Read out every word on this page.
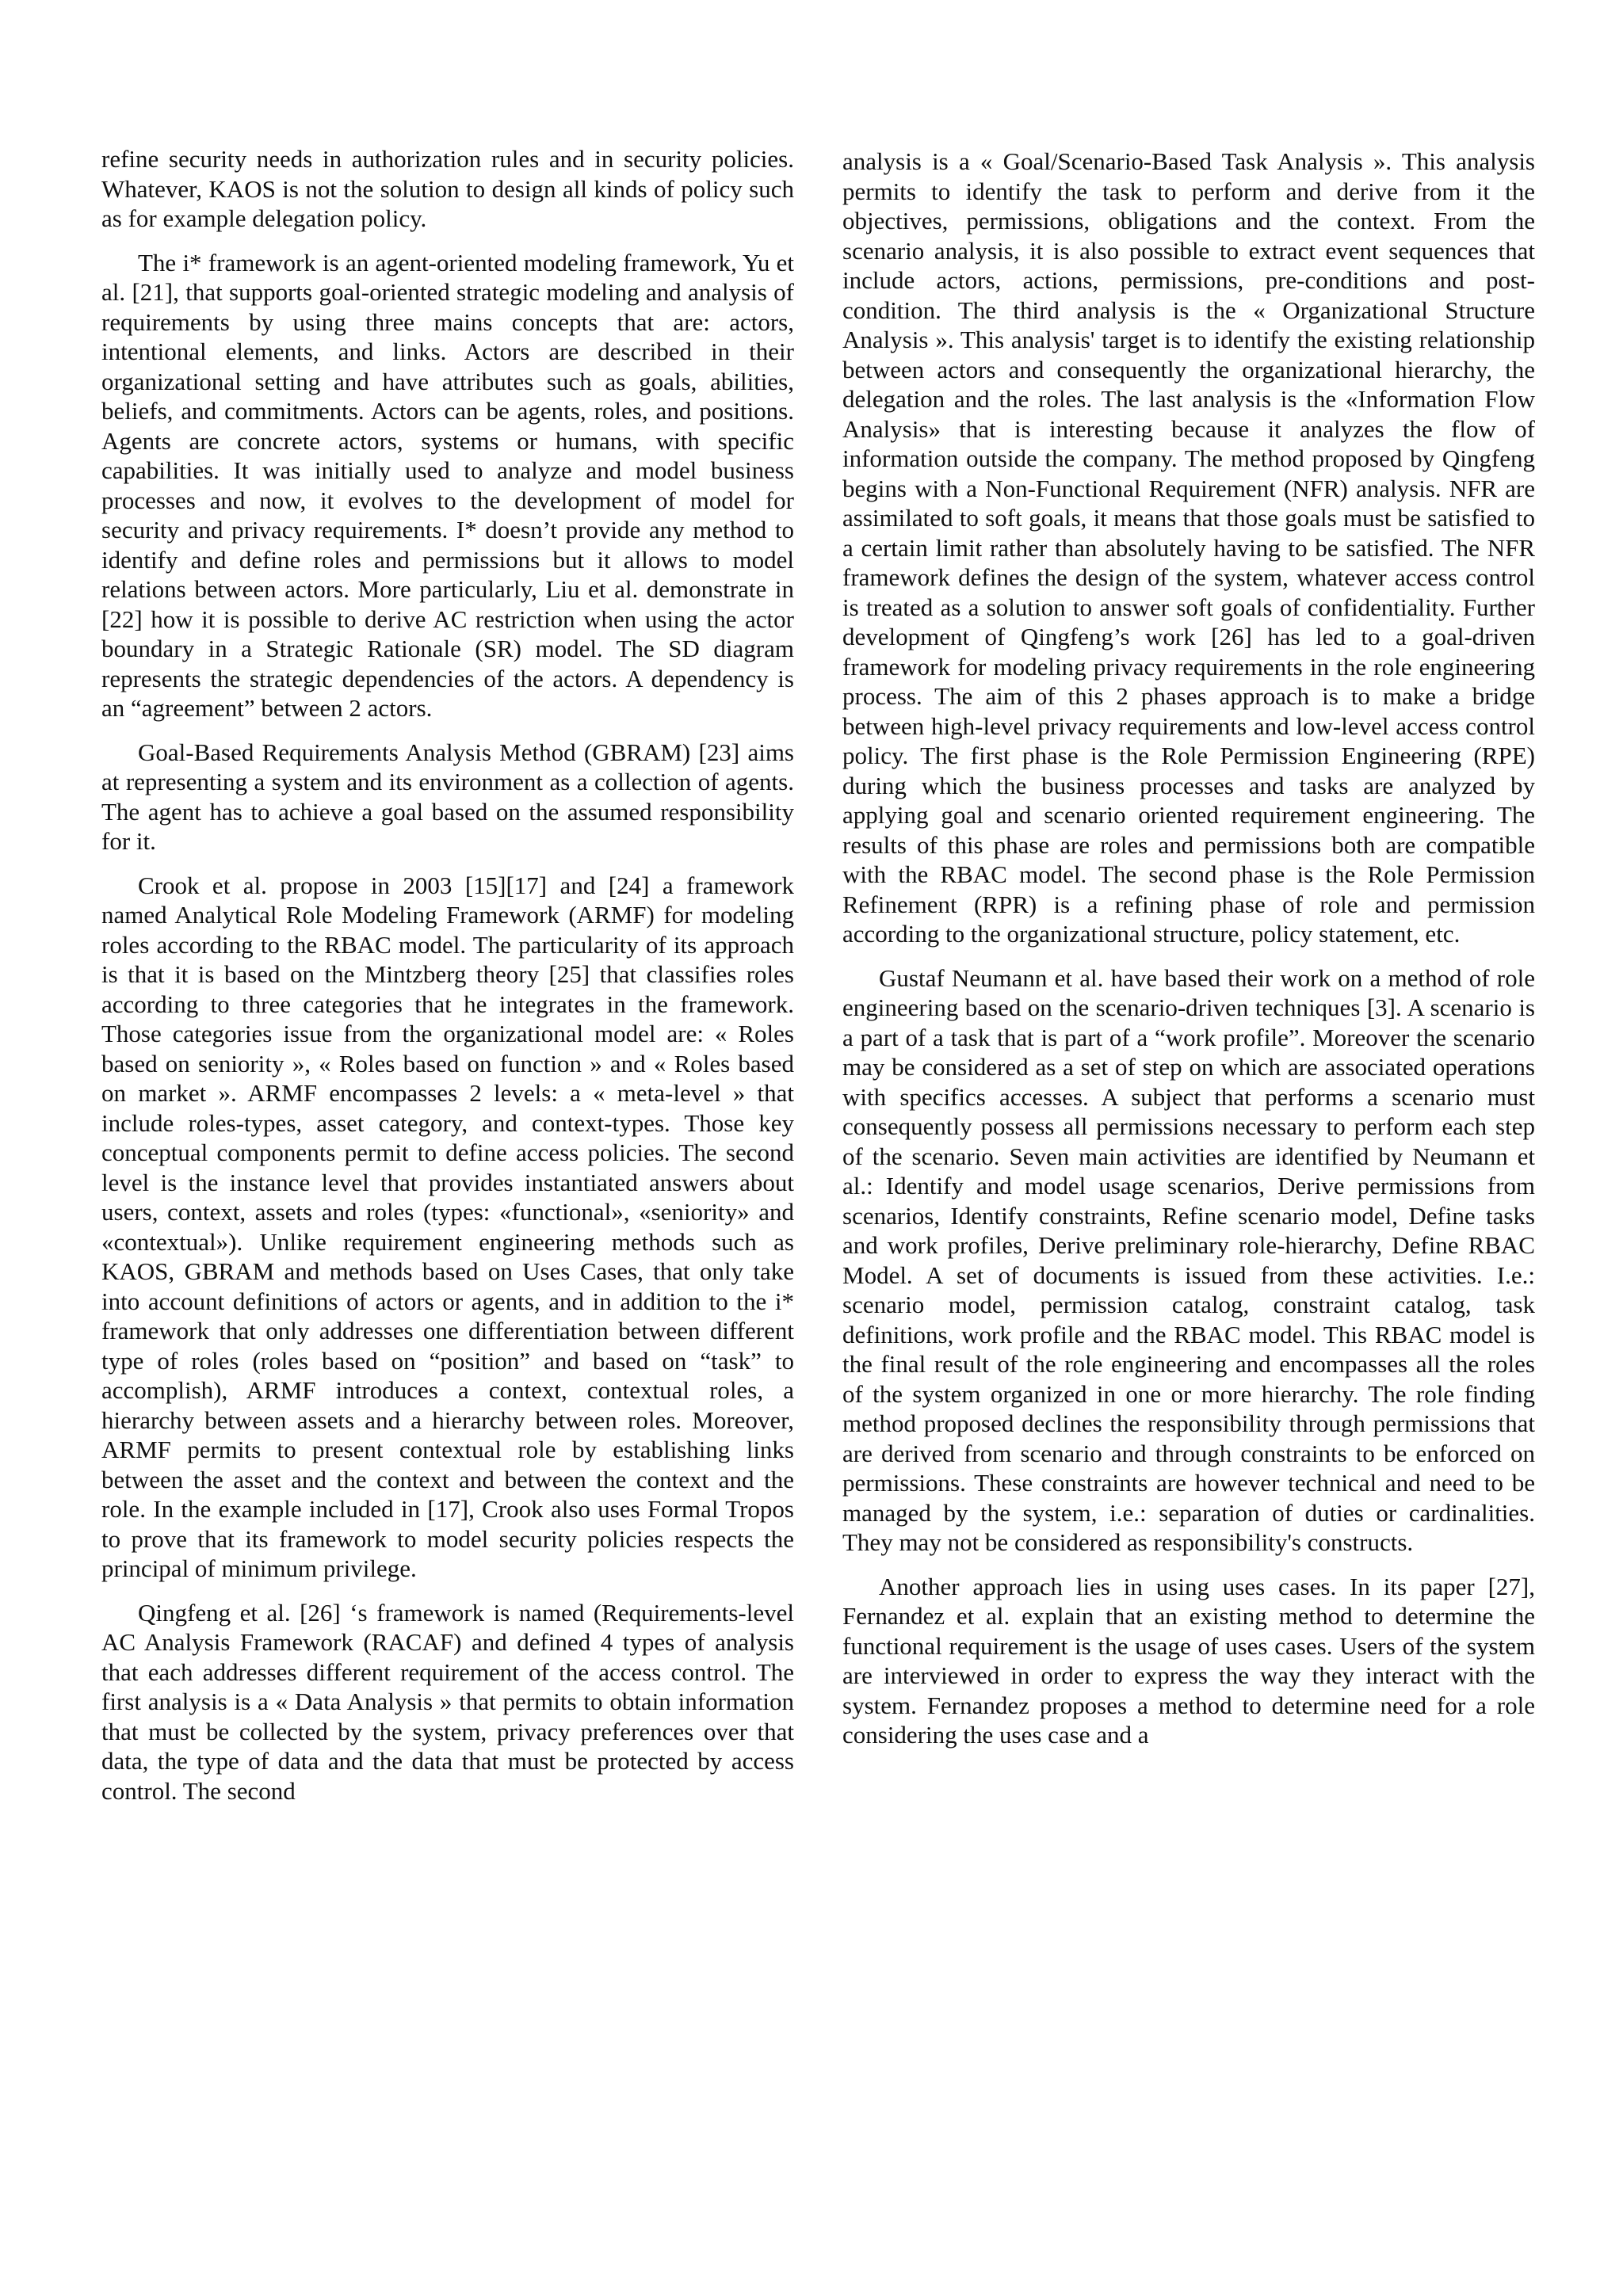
refine security needs in authorization rules and in security policies. Whatever, KAOS is not the solution to design all kinds of policy such as for example delegation policy.

The i* framework is an agent-oriented modeling framework, Yu et al. [21], that supports goal-oriented strategic modeling and analysis of requirements by using three mains concepts that are: actors, intentional elements, and links. Actors are described in their organizational setting and have attributes such as goals, abilities, beliefs, and commitments. Actors can be agents, roles, and positions. Agents are concrete actors, systems or humans, with specific capabilities. It was initially used to analyze and model business processes and now, it evolves to the development of model for security and privacy requirements. I* doesn’t provide any method to identify and define roles and permissions but it allows to model relations between actors. More particularly, Liu et al. demonstrate in [22] how it is possible to derive AC restriction when using the actor boundary in a Strategic Rationale (SR) model. The SD diagram represents the strategic dependencies of the actors. A dependency is an “agreement” between 2 actors.

Goal-Based Requirements Analysis Method (GBRAM) [23] aims at representing a system and its environment as a collection of agents. The agent has to achieve a goal based on the assumed responsibility for it.

Crook et al. propose in 2003 [15][17] and [24] a framework named Analytical Role Modeling Framework (ARMF) for modeling roles according to the RBAC model. The particularity of its approach is that it is based on the Mintzberg theory [25] that classifies roles according to three categories that he integrates in the framework. Those categories issue from the organizational model are: « Roles based on seniority », « Roles based on function » and « Roles based on market ». ARMF encompasses 2 levels: a « meta-level » that include roles-types, asset category, and context-types. Those key conceptual components permit to define access policies. The second level is the instance level that provides instantiated answers about users, context, assets and roles (types: «functional», «seniority» and «contextual»). Unlike requirement engineering methods such as KAOS, GBRAM and methods based on Uses Cases, that only take into account definitions of actors or agents, and in addition to the i* framework that only addresses one differentiation between different type of roles (roles based on “position” and based on “task” to accomplish), ARMF introduces a context, contextual roles, a hierarchy between assets and a hierarchy between roles. Moreover, ARMF permits to present contextual role by establishing links between the asset and the context and between the context and the role. In the example included in [17], Crook also uses Formal Tropos to prove that its framework to model security policies respects the principal of minimum privilege.

Qingfeng et al. [26] ‘s framework is named (Requirements-level AC Analysis Framework (RACAF) and defined 4 types of analysis that each addresses different requirement of the access control. The first analysis is a « Data Analysis » that permits to obtain information that must be collected by the system, privacy preferences over that data, the type of data and the data that must be protected by access control. The second

analysis is a « Goal/Scenario-Based Task Analysis ». This analysis permits to identify the task to perform and derive from it the objectives, permissions, obligations and the context. From the scenario analysis, it is also possible to extract event sequences that include actors, actions, permissions, pre-conditions and post-condition. The third analysis is the « Organizational Structure Analysis ». This analysis' target is to identify the existing relationship between actors and consequently the organizational hierarchy, the delegation and the roles. The last analysis is the «Information Flow Analysis» that is interesting because it analyzes the flow of information outside the company. The method proposed by Qingfeng begins with a Non-Functional Requirement (NFR) analysis. NFR are assimilated to soft goals, it means that those goals must be satisfied to a certain limit rather than absolutely having to be satisfied. The NFR framework defines the design of the system, whatever access control is treated as a solution to answer soft goals of confidentiality. Further development of Qingfeng’s work [26] has led to a goal-driven framework for modeling privacy requirements in the role engineering process. The aim of this 2 phases approach is to make a bridge between high-level privacy requirements and low-level access control policy. The first phase is the Role Permission Engineering (RPE) during which the business processes and tasks are analyzed by applying goal and scenario oriented requirement engineering. The results of this phase are roles and permissions both are compatible with the RBAC model. The second phase is the Role Permission Refinement (RPR) is a refining phase of role and permission according to the organizational structure, policy statement, etc.

Gustaf Neumann et al. have based their work on a method of role engineering based on the scenario-driven techniques [3]. A scenario is a part of a task that is part of a “work profile”. Moreover the scenario may be considered as a set of step on which are associated operations with specifics accesses. A subject that performs a scenario must consequently possess all permissions necessary to perform each step of the scenario. Seven main activities are identified by Neumann et al.: Identify and model usage scenarios, Derive permissions from scenarios, Identify constraints, Refine scenario model, Define tasks and work profiles, Derive preliminary role-hierarchy, Define RBAC Model. A set of documents is issued from these activities. I.e.: scenario model, permission catalog, constraint catalog, task definitions, work profile and the RBAC model. This RBAC model is the final result of the role engineering and encompasses all the roles of the system organized in one or more hierarchy. The role finding method proposed declines the responsibility through permissions that are derived from scenario and through constraints to be enforced on permissions. These constraints are however technical and need to be managed by the system, i.e.: separation of duties or cardinalities. They may not be considered as responsibility's constructs.

Another approach lies in using uses cases. In its paper [27], Fernandez et al. explain that an existing method to determine the functional requirement is the usage of uses cases. Users of the system are interviewed in order to express the way they interact with the system. Fernandez proposes a method to determine need for a role considering the uses case and a
